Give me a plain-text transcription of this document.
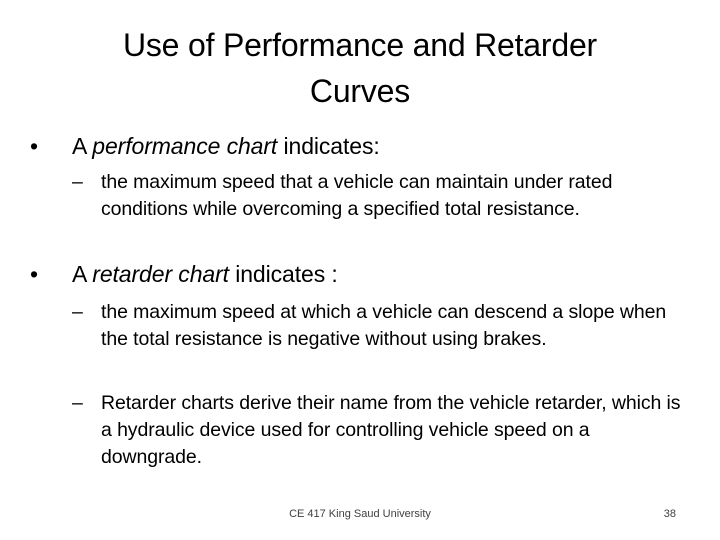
Use of Performance and Retarder
Curves
•	A performance chart indicates:
– the maximum speed that a vehicle can maintain under rated conditions while overcoming a specified total resistance.
•	A retarder chart indicates :
– the maximum speed at which a vehicle can descend a slope when the total resistance is negative without using brakes.
– Retarder charts derive their name from the vehicle retarder, which is a hydraulic device used for controlling vehicle speed on a downgrade.
CE 417 King Saud University	38
